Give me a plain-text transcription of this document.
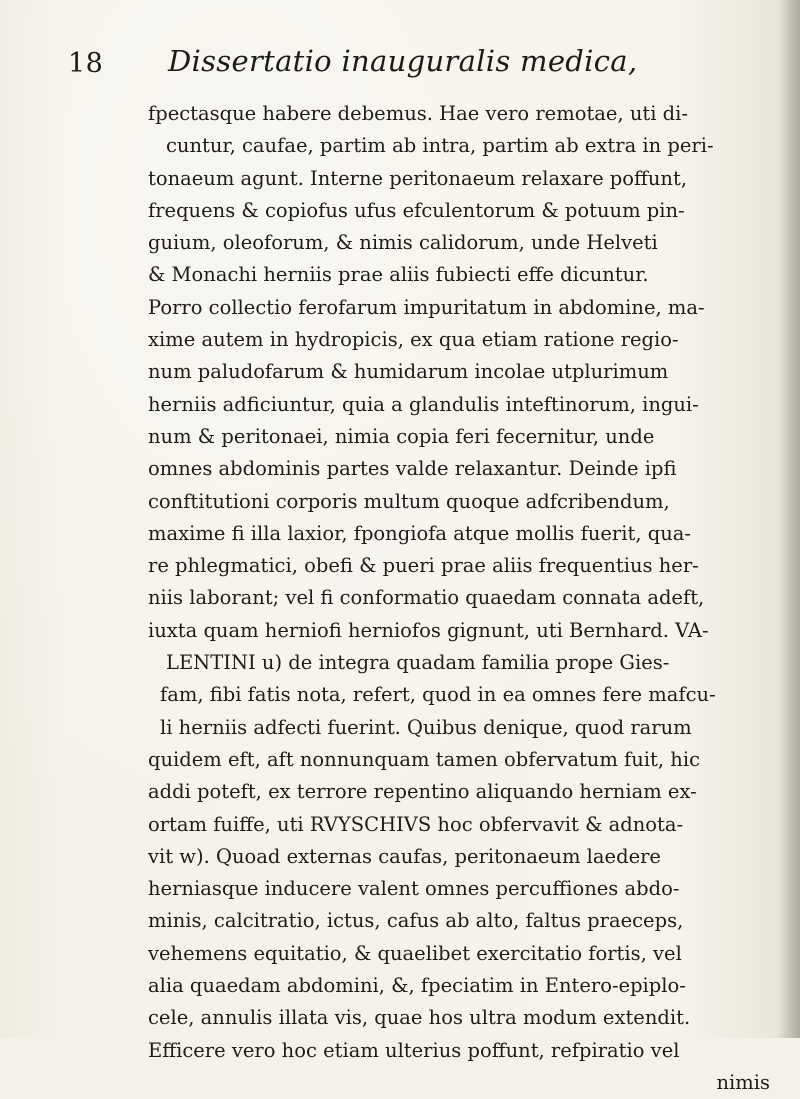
18 Dissertatio inauguralis medica,
fpectasque habere debemus. Hae vero remotae, uti di-
cuntur, caufae, partim ab intra, partim ab extra in peri-
tonaeum agunt. Interne peritonaeum relaxare poffunt,
frequens & copiofus ufus efculentorum & potuum pin-
guium, oleoforum, & nimis calidorum, unde Helveti
& Monachi herniis prae aliis fubiecti effe dicuntur.
Porro collectio ferofarum impuritatum in abdomine, ma-
xime autem in hydropicis, ex qua etiam ratione regio-
num paludofarum & humidarum incolae utplurimum
herniis adficiuntur, quia a glandulis inteftinorum, ingui-
num & peritonaei, nimia copia feri fecernitur, unde
omnes abdominis partes valde relaxantur. Deinde ipfi
conftitutioni corporis multum quoque adfcribendum,
maxime fi illa laxior, fpongiofa atque mollis fuerit, qua-
re phlegmatici, obefi & pueri prae aliis frequentius her-
niis laborant; vel fi conformatio quaedam connata adeft,
iuxta quam herniofi herniofos gignunt, uti Bernhard. VA-
LENTINI u) de integra quadam familia prope Gies-
fam, fibi fatis nota, refert, quod in ea omnes fere mafcu-
li herniis adfecti fuerint. Quibus denique, quod rarum
quidem eft, aft nonnunquam tamen obfervatum fuit, hic
addi poteft, ex terrore repentino aliquando herniam ex-
ortam fuiffe, uti RVYSCHIVS hoc obfervavit & adnota-
vit w). Quoad externas caufas, peritonaeum laedere
herniasque inducere valent omnes percuffiones abdo-
minis, calcitratio, ictus, cafus ab alto, faltus praeceps,
vehemens equitatio, & quaelibet exercitatio fortis, vel
alia quaedam abdomini, &, fpeciatim in Entero-epiplo-
cele, annulis illata vis, quae hos ultra modum extendit.
Efficere vero hoc etiam ulterius poffunt, refpiratio vel
nimis
